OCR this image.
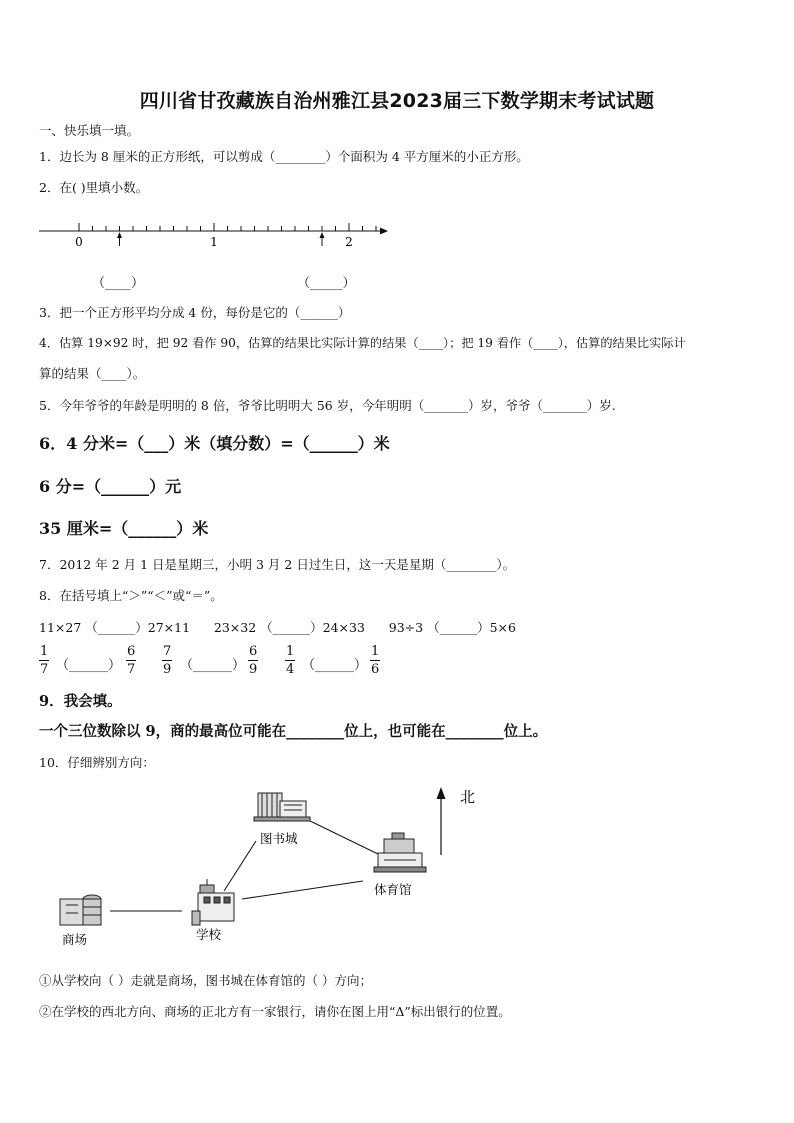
四川省甘孜藏族自治州雅江县2023届三下数学期末考试试题
一、快乐填一填。
1．边长为 8 厘米的正方形纸，可以剪成（________）个面积为 4 平方厘米的小正方形。
2．在( )里填小数。
0	1	2
（____）	（_____）
3．把一个正方形平均分成 4 份，每份是它的（______）
4．估算 19×92 时，把 92 看作 90，估算的结果比实际计算的结果（____）；把 19 看作（____），估算的结果比实际计
算的结果（____）。
5．今年爷爷的年龄是明明的 8 倍，爷爷比明明大 56 岁，今年明明（_______）岁，爷爷（_______）岁.
6．4 分米=（___）米（填分数）=（______）米
6 分=（______）元
35 厘米=（______）米
7．2012 年 2 月 1 日是星期三，小明 3 月 2 日过生日，这一天是星期（________）。
8．在括号填上“＞”“＜”或“＝”。
11×27 （______）27×11      23×32 （______）24×33      93÷3 （______）5×6
$\frac{1}{7}$ （______） $\frac{6}{7} \frac{7}{9}$ （______） $\frac{6}{9} \frac{1}{4}$ （______） $\frac{1}{6}$
9．我会填。
一个三位数除以 9，商的最高位可能在________位上，也可能在________位上。
10．仔细辨别方向：
北
图书城
体育馆
学校
商场
①从学校向（ ）走就是商场，图书城在体育馆的（ ）方向；
②在学校的西北方向、商场的正北方有一家银行，请你在图上用“Δ”标出银行的位置。
